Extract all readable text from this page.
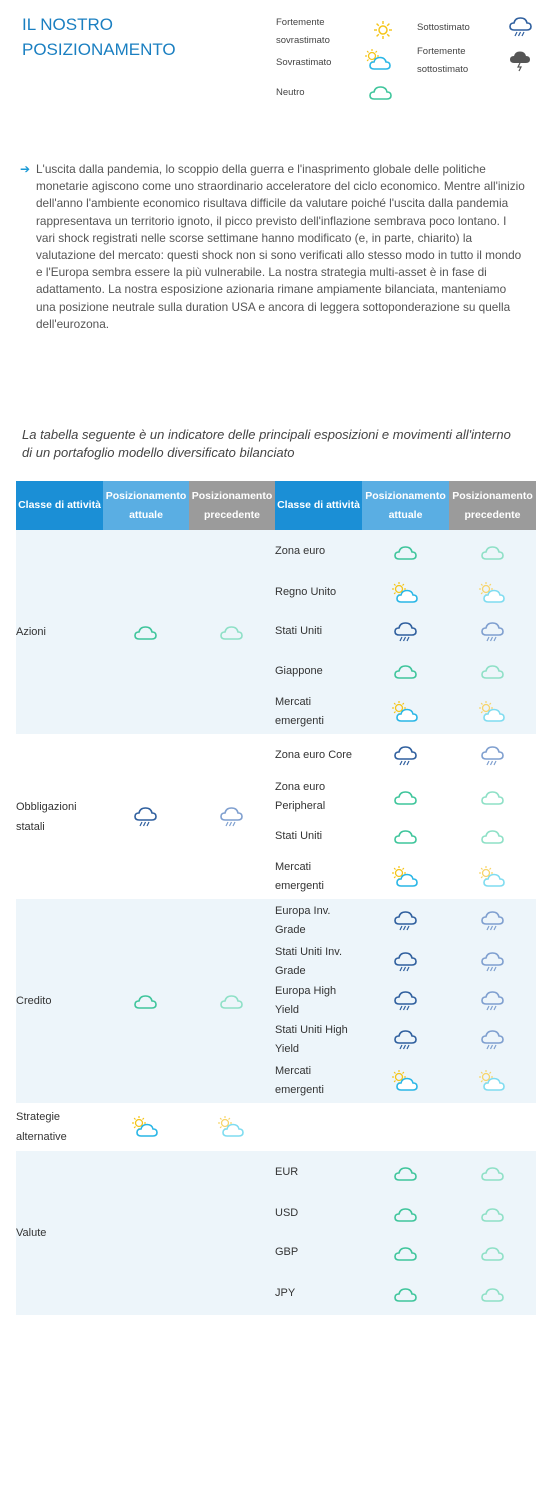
IL NOSTRO POSIZIONAMENTO
Fortemente sovrastimato
Sovrastimato
Neutro
Sottostimato
Fortemente sottostimato
➔ L'uscita dalla pandemia, lo scoppio della guerra e l'inasprimento globale delle politiche monetarie agiscono come uno straordinario acceleratore del ciclo economico. Mentre all'inizio dell'anno l'ambiente economico risultava difficile da valutare poiché l'uscita dalla pandemia rappresentava un territorio ignoto, il picco previsto dell'inflazione sembrava poco lontano. I vari shock registrati nelle scorse settimane hanno modificato (e, in parte, chiarito) la valutazione del mercato: questi shock non si sono verificati allo stesso modo in tutto il mondo e l'Europa sembra essere la più vulnerabile. La nostra strategia multi-asset è in fase di adattamento. La nostra esposizione azionaria rimane ampiamente bilanciata, manteniamo una posizione neutrale sulla duration USA e ancora di leggera sottoponderazione su quella dell'eurozona.
La tabella seguente è un indicatore delle principali esposizioni e movimenti all'interno di un portafoglio modello diversificato bilanciato
Classe di attività	Posizionamento attuale	Posizionamento precedente	Classe di attività	Posizionamento attuale	Posizionamento precedente
Azioni			Zona euro		
			Regno Unito		
			Stati Uniti		
			Giappone		
			Mercati emergenti		
Obbligazioni statali			Zona euro Core		
			Zona euro Peripheral		
			Stati Uniti		
			Mercati emergenti		
Credito			Europa Inv. Grade		
			Stati Uniti Inv. Grade		
			Europa High Yield		
			Stati Uniti High Yield		
			Mercati emergenti		
Strategie alternative					
Valute			EUR		
			USD		
			GBP		
			JPY		
